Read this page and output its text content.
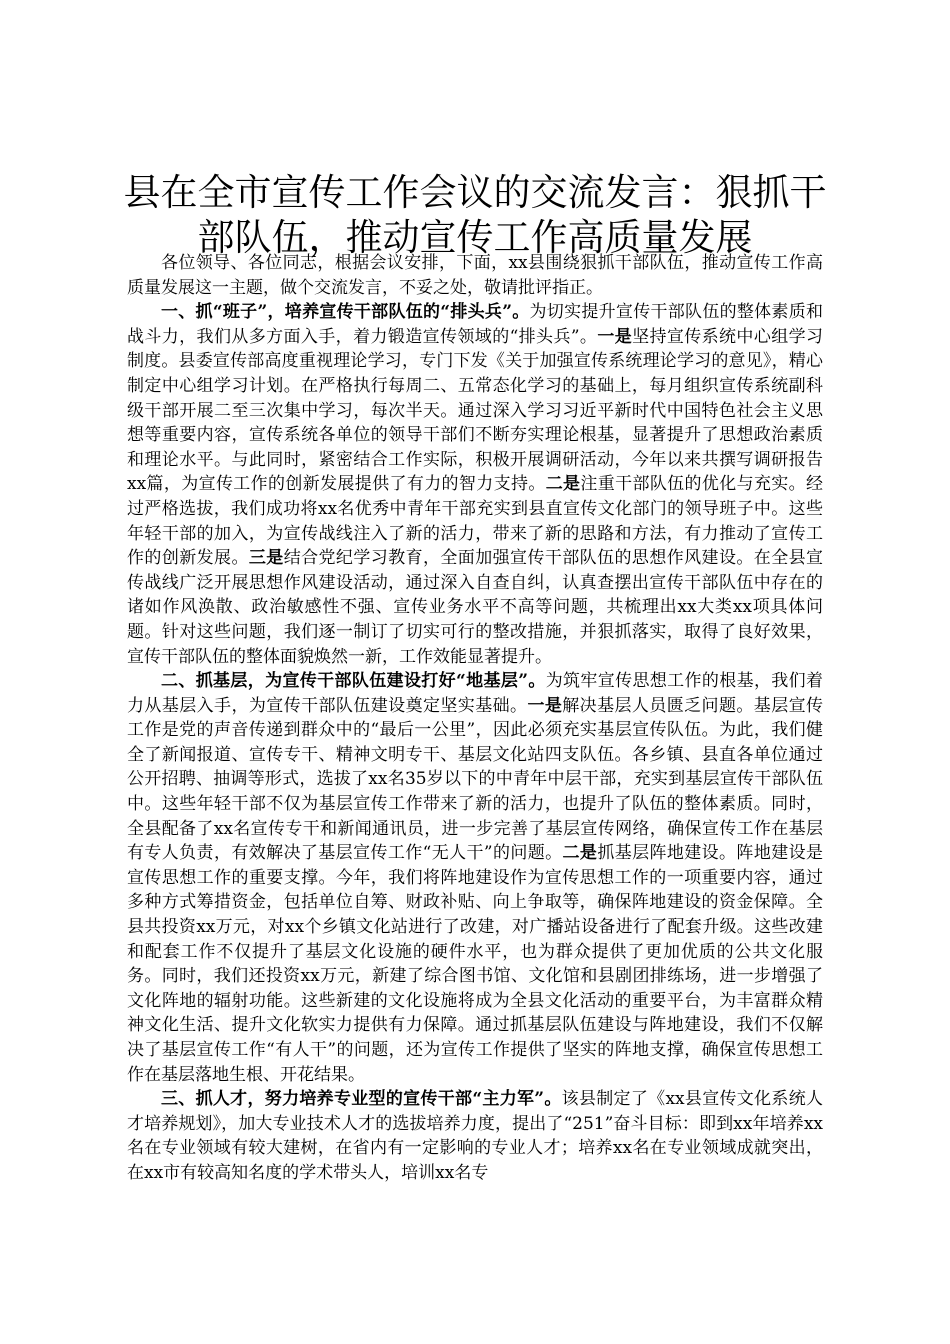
县在全市宣传工作会议的交流发言：狠抓干部队伍，推动宣传工作高质量发展

各位领导、各位同志，根据会议安排，下面，xx县围绕狠抓干部队伍，推动宣传工作高质量发展这一主题，做个交流发言，不妥之处，敬请批评指正。

一、抓“班子”，培养宣传干部队伍的“排头兵”。为切实提升宣传干部队伍的整体素质和战斗力，我们从多方面入手，着力锻造宣传领域的“排头兵”。一是坚持宣传系统中心组学习制度。县委宣传部高度重视理论学习，专门下发《关于加强宣传系统理论学习的意见》，精心制定中心组学习计划。在严格执行每周二、五常态化学习的基础上，每月组织宣传系统副科级干部开展二至三次集中学习，每次半天。通过深入学习习近平新时代中国特色社会主义思想等重要内容，宣传系统各单位的领导干部们不断夯实理论根基，显著提升了思想政治素质和理论水平。与此同时，紧密结合工作实际，积极开展调研活动，今年以来共撰写调研报告xx篇，为宣传工作的创新发展提供了有力的智力支持。二是注重干部队伍的优化与充实。经过严格选拔，我们成功将xx名优秀中青年干部充实到县直宣传文化部门的领导班子中。这些年轻干部的加入，为宣传战线注入了新的活力，带来了新的思路和方法，有力推动了宣传工作的创新发展。三是结合党纪学习教育，全面加强宣传干部队伍的思想作风建设。在全县宣传战线广泛开展思想作风建设活动，通过深入自查自纠，认真查摆出宣传干部队伍中存在的诸如作风涣散、政治敏感性不强、宣传业务水平不高等问题，共梳理出xx大类xx项具体问题。针对这些问题，我们逐一制订了切实可行的整改措施，并狠抓落实，取得了良好效果，宣传干部队伍的整体面貌焕然一新，工作效能显著提升。

二、抓基层，为宣传干部队伍建设打好“地基层”。为筑牢宣传思想工作的根基，我们着力从基层入手，为宣传干部队伍建设奠定坚实基础。一是解决基层人员匮乏问题。基层宣传工作是党的声音传递到群众中的“最后一公里”，因此必须充实基层宣传队伍。为此，我们健全了新闻报道、宣传专干、精神文明专干、基层文化站四支队伍。各乡镇、县直各单位通过公开招聘、抽调等形式，选拔了xx名35岁以下的中青年中层干部，充实到基层宣传干部队伍中。这些年轻干部不仅为基层宣传工作带来了新的活力，也提升了队伍的整体素质。同时，全县配备了xx名宣传专干和新闻通讯员，进一步完善了基层宣传网络，确保宣传工作在基层有专人负责，有效解决了基层宣传工作“无人干”的问题。二是抓基层阵地建设。阵地建设是宣传思想工作的重要支撑。今年，我们将阵地建设作为宣传思想工作的一项重要内容，通过多种方式筹措资金，包括单位自筹、财政补贴、向上争取等，确保阵地建设的资金保障。全县共投资xx万元，对xx个乡镇文化站进行了改建，对广播站设备进行了配套升级。这些改建和配套工作不仅提升了基层文化设施的硬件水平，也为群众提供了更加优质的公共文化服务。同时，我们还投资xx万元，新建了综合图书馆、文化馆和县剧团排练场，进一步增强了文化阵地的辐射功能。这些新建的文化设施将成为全县文化活动的重要平台，为丰富群众精神文化生活、提升文化软实力提供有力保障。通过抓基层队伍建设与阵地建设，我们不仅解决了基层宣传工作“有人干”的问题，还为宣传工作提供了坚实的阵地支撑，确保宣传思想工作在基层落地生根、开花结果。

三、抓人才，努力培养专业型的宣传干部“主力军”。该县制定了《xx县宣传文化系统人才培养规划》，加大专业技术人才的选拔培养力度，提出了“251”奋斗目标：即到xx年培养xx名在专业领域有较大建树，在省内有一定影响的专业人才；培养xx名在专业领域成就突出，在xx市有较高知名度的学术带头人，培训xx名专
